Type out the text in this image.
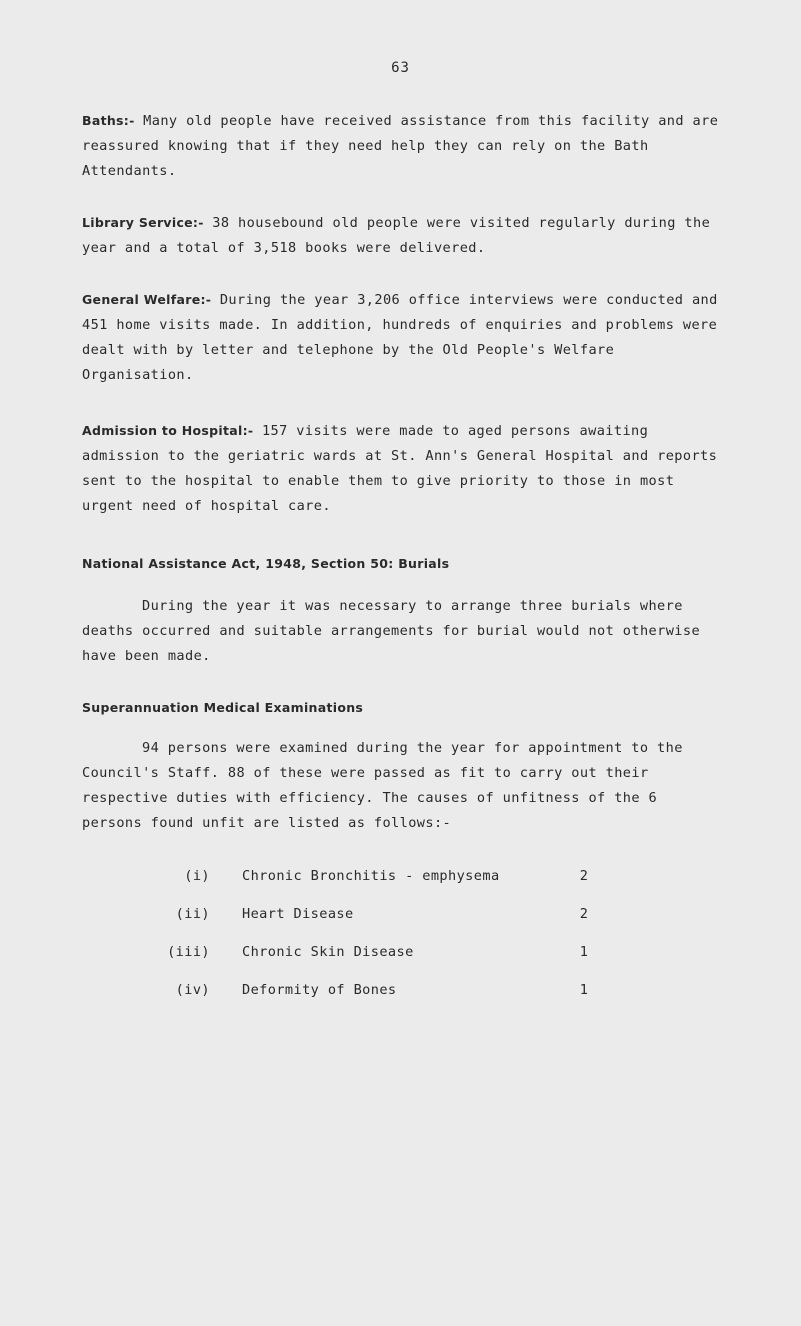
63

Baths:- Many old people have received assistance from this facility and are reassured knowing that if they need help they can rely on the Bath Attendants.

Library Service:- 38 housebound old people were visited regularly during the year and a total of 3,518 books were delivered.

General Welfare:- During the year 3,206 office interviews were conducted and 451 home visits made. In addition, hundreds of enquiries and problems were dealt with by letter and telephone by the Old People's Welfare Organisation.

Admission to Hospital:- 157 visits were made to aged persons awaiting admission to the geriatric wards at St. Ann's General Hospital and reports sent to the hospital to enable them to give priority to those in most urgent need of hospital care.

National Assistance Act, 1948, Section 50: Burials

During the year it was necessary to arrange three burials where deaths occurred and suitable arrangements for burial would not otherwise have been made.

Superannuation Medical Examinations

94 persons were examined during the year for appointment to the Council's Staff. 88 of these were passed as fit to carry out their respective duties with efficiency. The causes of unfitness of the 6 persons found unfit are listed as follows:-

(i) Chronic Bronchitis - emphysema	2
(ii) Heart Disease	2
(iii) Chronic Skin Disease	1
(iv) Deformity of Bones	1
